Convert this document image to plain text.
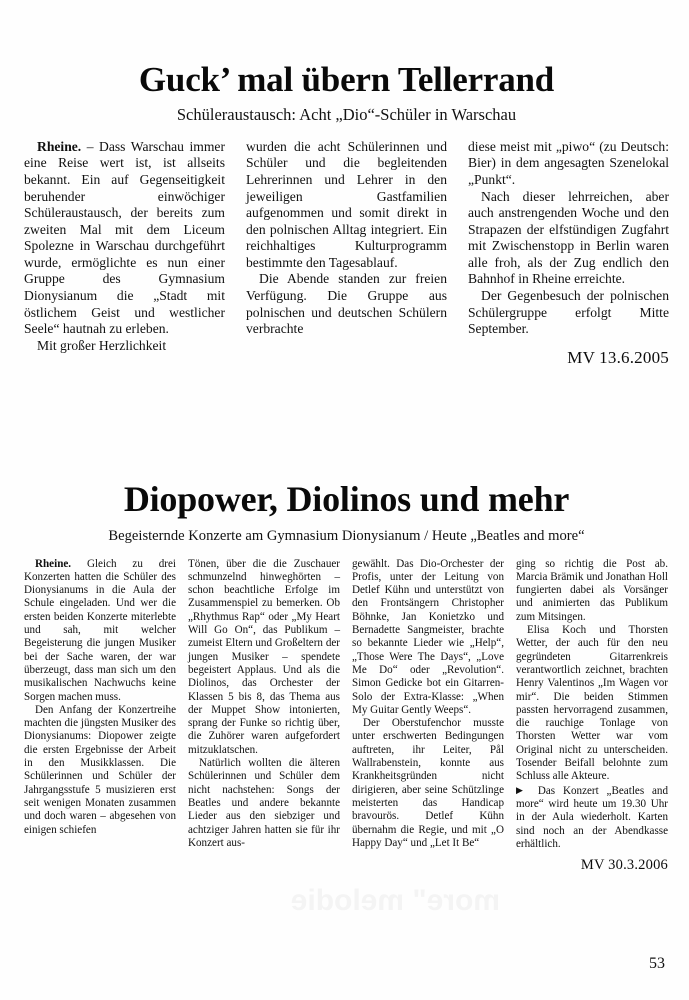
Guck’ mal übern Tellerrand
Schüleraustausch: Acht „Dio“-Schüler in Warschau

Rheine. – Dass Warschau immer eine Reise wert ist, ist allseits bekannt. Ein auf Gegenseitigkeit beruhender einwöchiger Schüleraustausch, der bereits zum zweiten Mal mit dem Liceum Spolezne in Warschau durchgeführt wurde, ermöglichte es nun einer Gruppe des Gymnasium Dionysianum die „Stadt mit östlichem Geist und westlicher Seele“ hautnah zu erleben.

Mit großer Herzlichkeit

wurden die acht Schülerinnen und Schüler und die begleitenden Lehrerinnen und Lehrer in den jeweiligen Gastfamilien aufgenommen und somit direkt in den polnischen Alltag integriert. Ein reichhaltiges Kulturprogramm bestimmte den Tagesablauf.

Die Abende standen zur freien Verfügung. Die Gruppe aus polnischen und deutschen Schülern verbrachte

diese meist mit „piwo“ (zu Deutsch: Bier) in dem angesagten Szenelokal „Punkt“.

Nach dieser lehrreichen, aber auch anstrengenden Woche und den Strapazen der elfstündigen Zugfahrt mit Zwischenstopp in Berlin waren alle froh, als der Zug endlich den Bahnhof in Rheine erreichte.

Der Gegenbesuch der polnischen Schülergruppe erfolgt Mitte September.

MV 13.6.2005
Diopower, Diolinos und mehr
Begeisternde Konzerte am Gymnasium Dionysianum / Heute „Beatles and more“

Rheine. Gleich zu drei Konzerten hatten die Schüler des Dionysianums in die Aula der Schule eingeladen. Und wer die ersten beiden Konzerte miterlebte und sah, mit welcher Begeisterung die jungen Musiker bei der Sache waren, der war überzeugt, dass man sich um den musikalischen Nachwuchs keine Sorgen machen muss.

Den Anfang der Konzertreihe machten die jüngsten Musiker des Dionysianums: Diopower zeigte die ersten Ergebnisse der Arbeit in den Musikklassen. Die Schülerinnen und Schüler der Jahrgangsstufe 5 musizieren erst seit wenigen Monaten zusammen und doch waren – abgesehen von einigen schiefen

Tönen, über die die Zuschauer schmunzelnd hinweghörten – schon beachtliche Erfolge im Zusammenspiel zu bemerken. Ob „Rhythmus Rap“ oder „My Heart Will Go On“, das Publikum – zumeist Eltern und Großeltern der jungen Musiker – spendete begeistert Applaus. Und als die Diolinos, das Orchester der Klassen 5 bis 8, das Thema aus der Muppet Show intonierten, sprang der Funke so richtig über, die Zuhörer waren aufgefordert mitzuklatschen.

Natürlich wollten die älteren Schülerinnen und Schüler dem nicht nachstehen: Songs der Beatles und andere bekannte Lieder aus den siebziger und achtziger Jahren hatten sie für ihr Konzert aus-

gewählt. Das Dio-Orchester der Profis, unter der Leitung von Detlef Kühn und unterstützt von den Frontsängern Christopher Böhnke, Jan Konietzko und Bernadette Sangmeister, brachte so bekannte Lieder wie „Help“, „Those Were The Days“, „Love Me Do“ oder „Revolution“. Simon Gedicke bot ein Gitarren-Solo der Extra-Klasse: „When My Guitar Gently Weeps“.

Der Oberstufenchor musste unter erschwerten Bedingungen auftreten, ihr Leiter, Pål Wallrabenstein, konnte aus Krankheitsgründen nicht dirigieren, aber seine Schützlinge meisterten das Handicap bravourös. Detlef Kühn übernahm die Regie, und mit „O Happy Day“ und „Let It Be“

ging so richtig die Post ab. Marcia Brämik und Jonathan Holl fungierten dabei als Vorsänger und animierten das Publikum zum Mitsingen.

Elisa Koch und Thorsten Wetter, der auch für den neu gegründeten Gitarrenkreis verantwortlich zeichnet, brachten Henry Valentinos „Im Wagen vor mir“. Die beiden Stimmen passten hervorragend zusammen, die rauchige Tonlage von Thorsten Wetter war vom Original nicht zu unterscheiden. Tosender Beifall belohnte zum Schluss alle Akteure.

▶ Das Konzert „Beatles and more“ wird heute um 19.30 Uhr in der Aula wiederholt. Karten sind noch an der Abendkasse erhältlich.

MV 30.3.2006
more" melodie
53
